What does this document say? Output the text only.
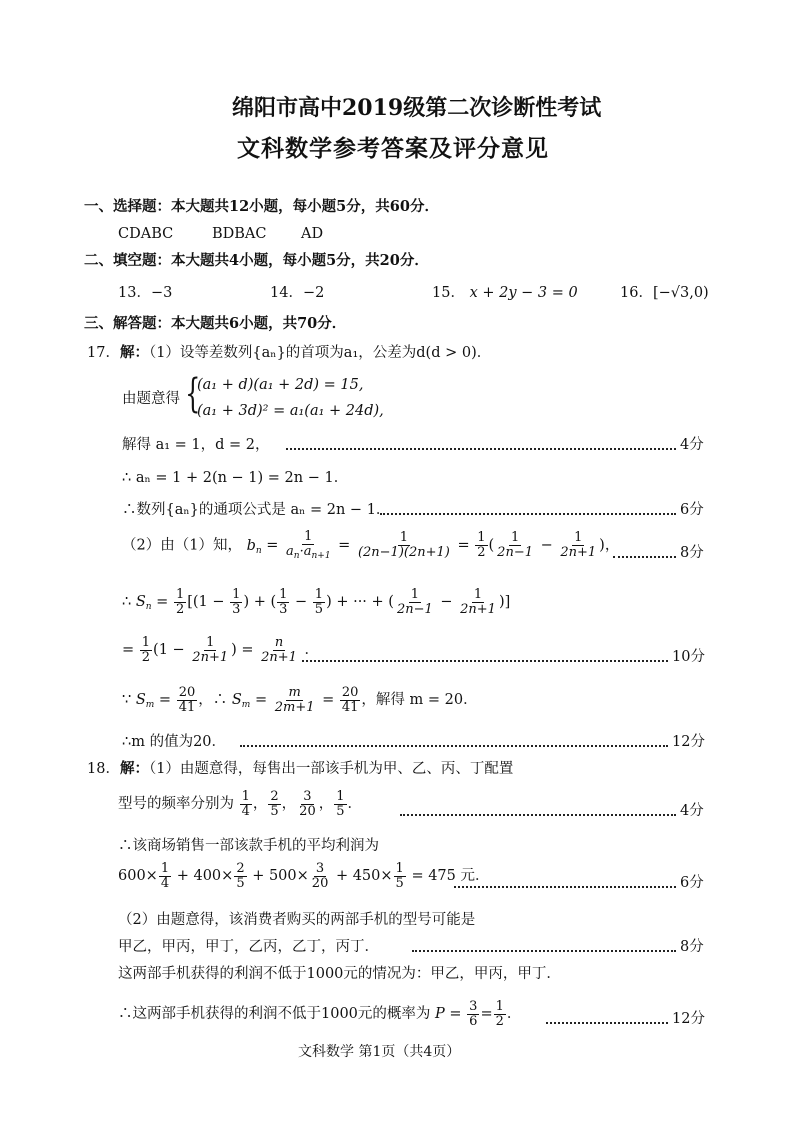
绵阳市高中2019级第二次诊断性考试
文科数学参考答案及评分意见
一、选择题：本大题共12小题，每小题5分，共60分．
CDABC	BDBAC AD
二、填空题：本大题共4小题，每小题5分，共20分．
13．−3	14．−2	15． x + 2y − 3 = 0	16．[−√3,0)
三、解答题：本大题共6小题，共70分．
17．解：（1）设等差数列{aₙ}的首项为a₁，公差为d(d > 0)．
由题意得 {
(a₁ + d)(a₁ + 2d) = 15,
(a₁ + 3d)² = a₁(a₁ + 24d),
解得 a₁ = 1，d = 2，	4分
∴ aₙ = 1 + 2(n − 1) = 2n − 1．
∴数列{aₙ}的通项公式是 aₙ = 2n − 1．	6分
（2）由（1）知， $b_n = \frac{1}{a_n\cdot a_{n+1}} = \frac{1}{(2n-1)(2n+1)} = \frac{1}{2}$ ( $\frac{1}{2n-1} - \frac{1}{2n+1}$ )，	8分
∴ $S_n = \frac{1}{2} [(1 - \frac{1}{3}$ ) + ( $\frac{1}{3} - \frac{1}{5}$ ) + ··· + ( $\frac{1}{2n-1} - \frac{1}{2n+1}$ )]
= $\frac{1}{2} (1 - \frac{1}{2n+1}$ ) = $\frac{n}{2n+1}$ ．	10分
∵ $S_m = \frac{20}{41}$ ，∴ $S_m = \frac{m}{2m+1} = \frac{20}{41}$ ，解得 m = 20．
∴m 的值为20．	12分
18．解：（1）由题意得，每售出一部该手机为甲、乙、丙、丁配置
型号的频率分别为 $\frac{1}{4}$ ， $\frac{2}{5}$ ， $\frac{3}{20}$ ， $\frac{1}{5}$ ．	4分
∴该商场销售一部该款手机的平均利润为
$600\times \frac{1}{4} + 400\times \frac{2}{5} + 500\times \frac{3}{20} + 450\times \frac{1}{5} = 475$ 元．	6分
（2）由题意得，该消费者购买的两部手机的型号可能是
甲乙，甲丙，甲丁，乙丙，乙丁，丙丁．	8分
这两部手机获得的利润不低于1000元的情况为：甲乙，甲丙，甲丁．
∴这两部手机获得的利润不低于1000元的概率为 $P = \frac{3}{6} = \frac{1}{2}$ ．	12分
文科数学 第1页（共4页）
